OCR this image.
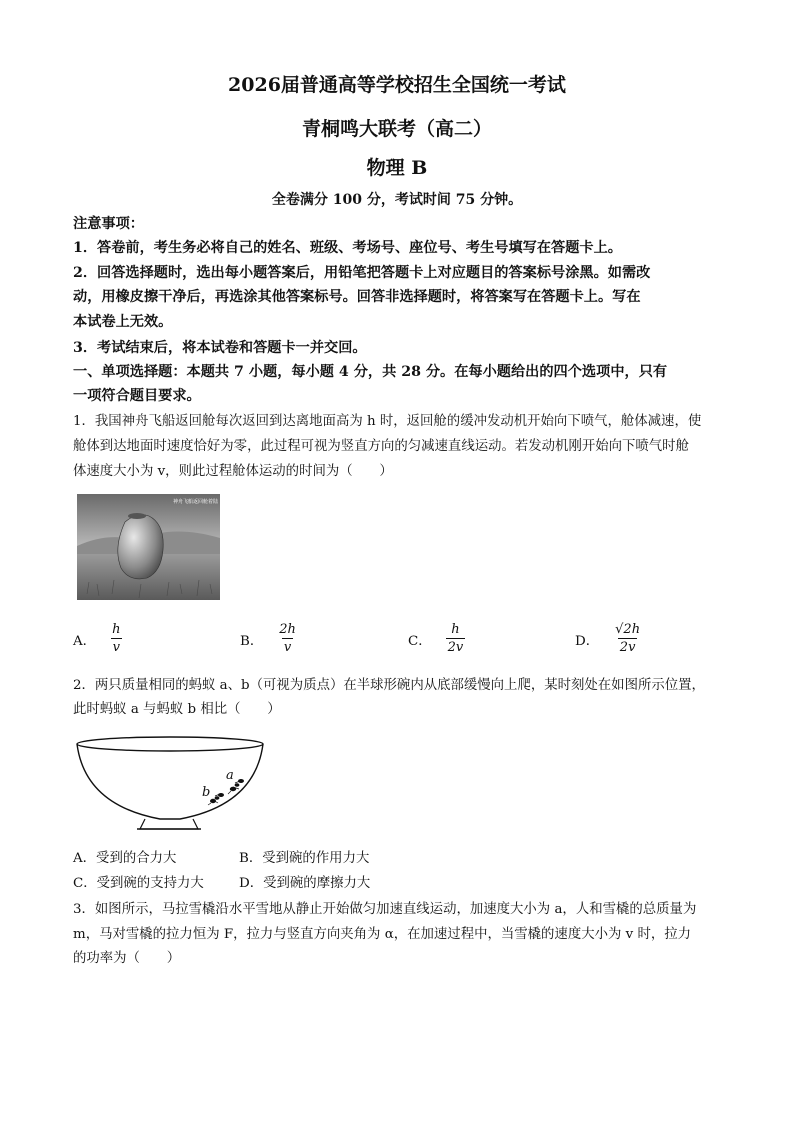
2026届普通高等学校招生全国统一考试
青桐鸣大联考（高二）
物理 B
全卷满分 100 分，考试时间 75 分钟。
注意事项：
1．答卷前，考生务必将自己的姓名、班级、考场号、座位号、考生号填写在答题卡上。
2．回答选择题时，选出每小题答案后，用铅笔把答题卡上对应题目的答案标号涂黑。如需改
动，用橡皮擦干净后，再选涂其他答案标号。回答非选择题时，将答案写在答题卡上。写在
本试卷上无效。
3．考试结束后，将本试卷和答题卡一并交回。
一、单项选择题：本题共 7 小题，每小题 4 分，共 28 分。在每小题给出的四个选项中，只有
一项符合题目要求。
1．我国神舟飞船返回舱每次返回到达离地面高为 h 时，返回舱的缓冲发动机开始向下喷气，舱体减速，使
舱体到达地面时速度恰好为零，此过程可视为竖直方向的匀减速直线运动。若发动机刚开始向下喷气时舱
体速度大小为 v，则此过程舱体运动的时间为（　　）
神舟飞船返回舱着陆
A． $\frac{h}{v}$	B． $\frac{2h}{v}$	C． $\frac{h}{2v}$	D． $\frac{√2h}{2v}$
2．两只质量相同的蚂蚁 a、b（可视为质点）在半球形碗内从底部缓慢向上爬，某时刻处在如图所示位置，
此时蚂蚁 a 与蚂蚁 b 相比（　　）
a
b
A．受到的合力大	B．受到碗的作用力大
C．受到碗的支持力大	D．受到碗的摩擦力大
3．如图所示，马拉雪橇沿水平雪地从静止开始做匀加速直线运动，加速度大小为 a，人和雪橇的总质量为
m，马对雪橇的拉力恒为 F，拉力与竖直方向夹角为 α，在加速过程中，当雪橇的速度大小为 v 时，拉力
的功率为（　　）
